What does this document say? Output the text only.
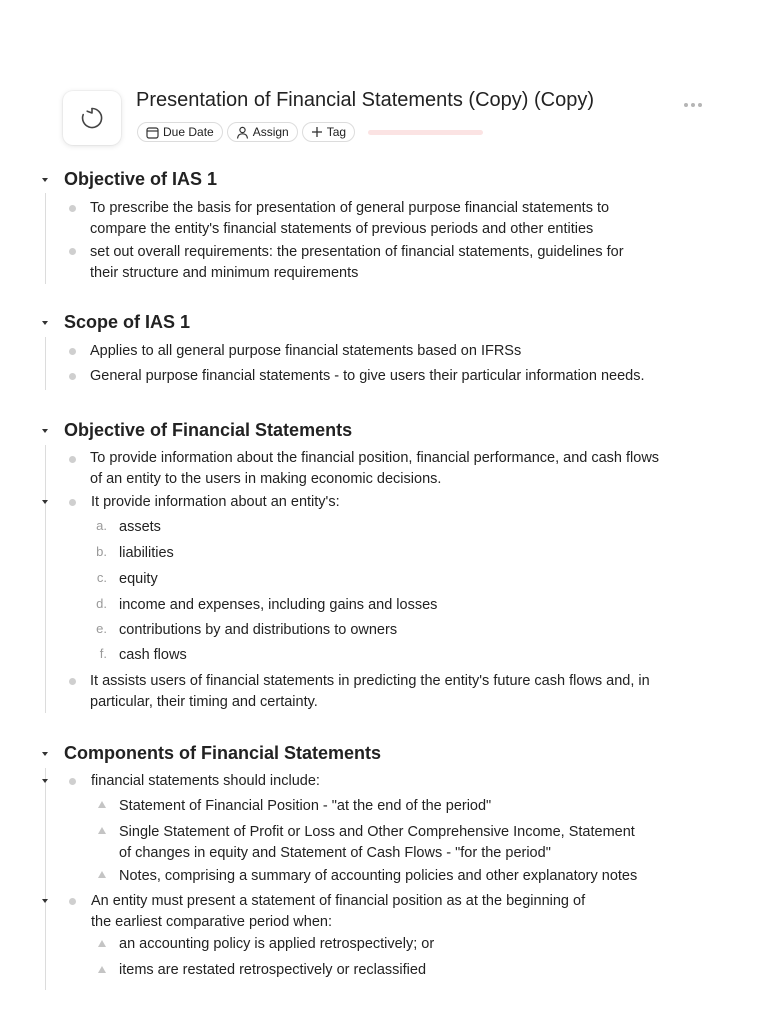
Presentation of Financial Statements (Copy) (Copy)
Due Date	Assign	Tag
Objective of IAS 1
To prescribe the basis for presentation of general purpose financial statements to
compare the entity's financial statements of previous periods and other entities
set out overall requirements: the presentation of financial statements, guidelines for
their structure and minimum requirements
Scope of IAS 1
Applies to all general purpose financial statements based on IFRSs
General purpose financial statements - to give users their particular information needs.
Objective of Financial Statements
To provide information about the financial position, financial performance, and cash flows
of an entity to the users in making economic decisions.
It provide information about an entity's:
a. assets
b. liabilities
c. equity
d. income and expenses, including gains and losses
e. contributions by and distributions to owners
f. cash flows
It assists users of financial statements in predicting the entity's future cash flows and, in
particular, their timing and certainty.
Components of Financial Statements
financial statements should include:
Statement of Financial Position - "at the end of the period"
Single Statement of Profit or Loss and Other Comprehensive Income, Statement
of changes in equity and Statement of Cash Flows - "for the period"
Notes, comprising a summary of accounting policies and other explanatory notes
An entity must present a statement of financial position as at the beginning of
the earliest comparative period when:
an accounting policy is applied retrospectively; or
items are restated retrospectively or reclassified
